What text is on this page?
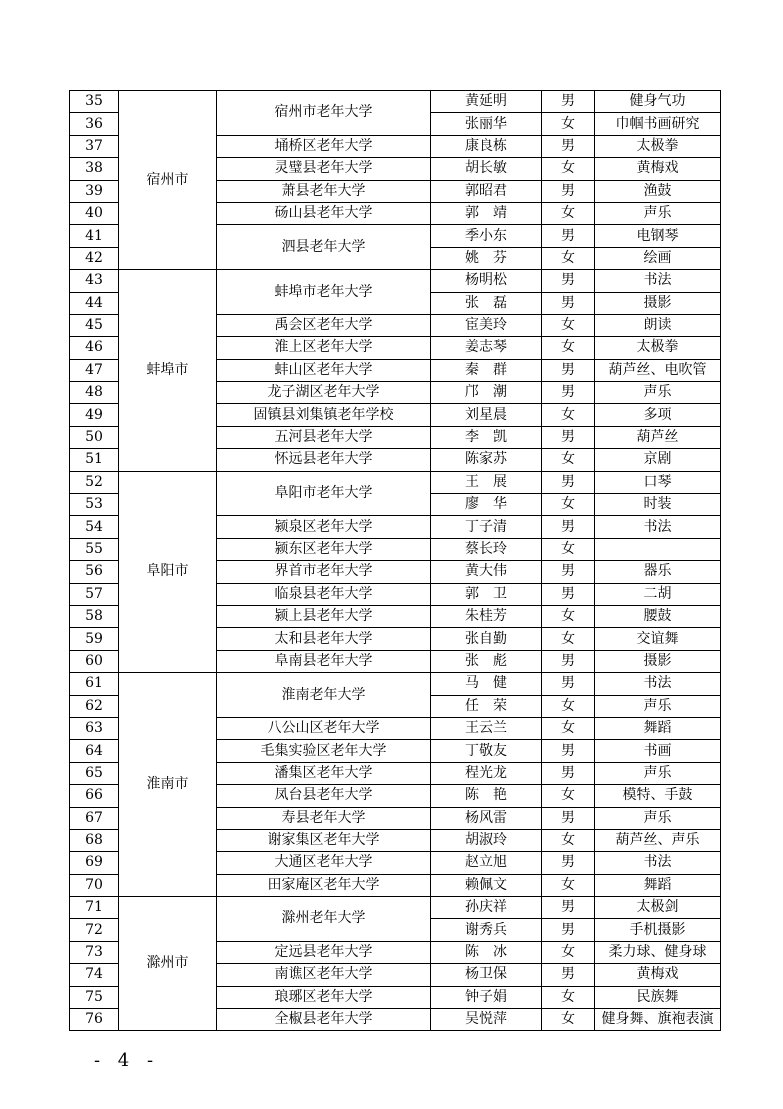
35	宿州市	宿州市老年大学	黄延明	男	健身气功
36			张丽华	女	巾帼书画研究
37		埇桥区老年大学	康良栋	男	太极拳
38		灵璧县老年大学	胡长敏	女	黄梅戏
39		萧县老年大学	郭昭君	男	渔鼓
40		砀山县老年大学	郭　靖	女	声乐
41		泗县老年大学	季小东	男	电钢琴
42			姚　芬	女	绘画
43	蚌埠市	蚌埠市老年大学	杨明松	男	书法
44			张　磊	男	摄影
45		禹会区老年大学	宦美玲	女	朗读
46		淮上区老年大学	姜志琴	女	太极拳
47		蚌山区老年大学	秦　群	男	葫芦丝、电吹管
48		龙子湖区老年大学	邝　潮	男	声乐
49		固镇县刘集镇老年学校	刘星晨	女	多项
50		五河县老年大学	李　凯	男	葫芦丝
51		怀远县老年大学	陈家苏	女	京剧
52	阜阳市	阜阳市老年大学	王　展	男	口琴
53			廖　华	女	时装
54		颍泉区老年大学	丁子清	男	书法
55		颍东区老年大学	蔡长玲	女	
56		界首市老年大学	黄大伟	男	器乐
57		临泉县老年大学	郭　卫	男	二胡
58		颍上县老年大学	朱桂芳	女	腰鼓
59		太和县老年大学	张自勤	女	交谊舞
60		阜南县老年大学	张　彪	男	摄影
61	淮南市	淮南老年大学	马　健	男	书法
62			任　荣	女	声乐
63		八公山区老年大学	王云兰	女	舞蹈
64		毛集实验区老年大学	丁敬友	男	书画
65		潘集区老年大学	程光龙	男	声乐
66		凤台县老年大学	陈　艳	女	模特、手鼓
67		寿县老年大学	杨风雷	男	声乐
68		谢家集区老年大学	胡淑玲	女	葫芦丝、声乐
69		大通区老年大学	赵立旭	男	书法
70		田家庵区老年大学	赖佩文	女	舞蹈
71	滁州市	滁州老年大学	孙庆祥	男	太极剑
72			谢秀兵	男	手机摄影
73		定远县老年大学	陈　冰	女	柔力球、健身球
74		南谯区老年大学	杨卫保	男	黄梅戏
75		琅琊区老年大学	钟子娟	女	民族舞
76		全椒县老年大学	吴悦萍	女	健身舞、旗袍表演
- 4 -
